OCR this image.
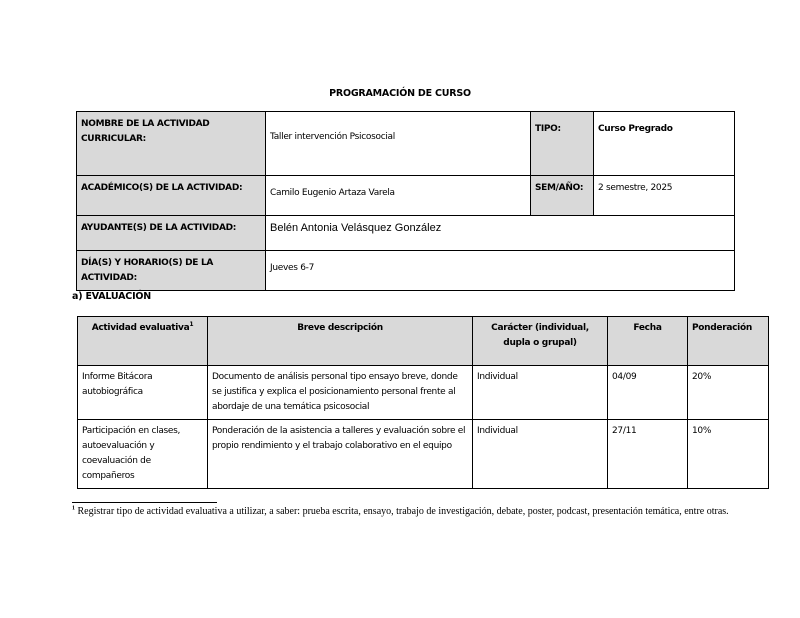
PROGRAMACIÓN DE CURSO
NOMBRE DE LA ACTIVIDAD CURRICULAR:	Taller intervención Psicosocial	TIPO:	Curso Pregrado
ACADÉMICO(S) DE LA ACTIVIDAD:	Camilo Eugenio Artaza Varela	SEM/AÑO:	2 semestre, 2025
AYUDANTE(S) DE LA ACTIVIDAD:	Belén Antonia Velásquez González		
DÍA(S) Y HORARIO(S) DE LA ACTIVIDAD:	Jueves 6-7		
a) EVALUACIÓN
Actividad evaluativa$^1$	Breve descripción	Carácter (individual, dupla o grupal)	Fecha	Ponderación
Informe Bitácora autobiográfica	Documento de análisis personal tipo ensayo breve, donde se justifica y explica el posicionamiento personal frente al abordaje de una temática psicosocial	Individual	04/09	20%
Participación en clases, autoevaluación y coevaluación de compañeros	Ponderación de la asistencia a talleres y evaluación sobre el propio rendimiento y el trabajo colaborativo en el equipo	Individual	27/11	10%
$^1$ Registrar tipo de actividad evaluativa a utilizar, a saber: prueba escrita, ensayo, trabajo de investigación, debate, poster, podcast, presentación temática, entre otras.
